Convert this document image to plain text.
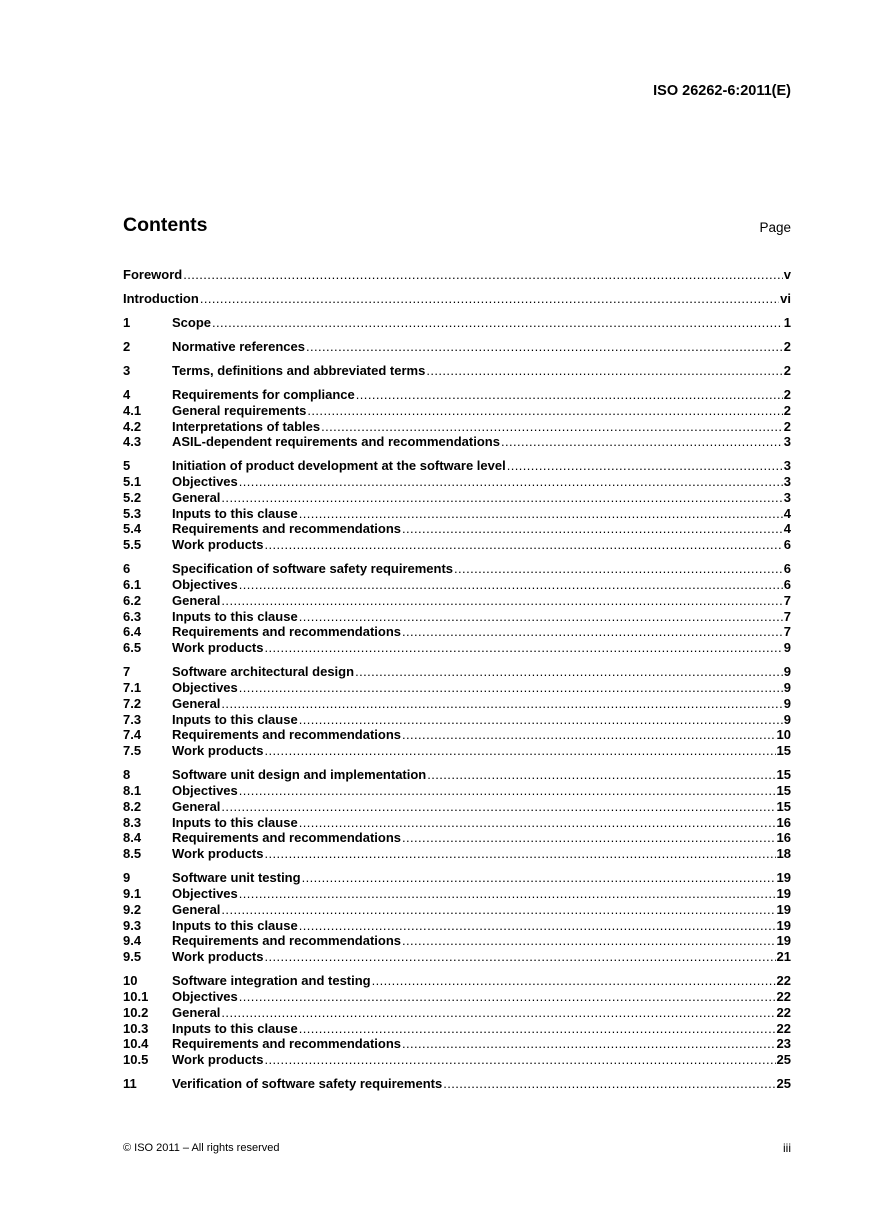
ISO 26262-6:2011(E)
Contents	Page
Foreword .....	v
Introduction .....	vi
1	Scope .....	1
2	Normative references .....	2
3	Terms, definitions and abbreviated terms .....	2
4	Requirements for compliance .....	2
4.1	General requirements .....	2
4.2	Interpretations of tables .....	2
4.3	ASIL-dependent requirements and recommendations .....	3
5	Initiation of product development at the software level .....	3
5.1	Objectives .....	3
5.2	General .....	3
5.3	Inputs to this clause .....	4
5.4	Requirements and recommendations .....	4
5.5	Work products .....	6
6	Specification of software safety requirements .....	6
6.1	Objectives .....	6
6.2	General .....	7
6.3	Inputs to this clause .....	7
6.4	Requirements and recommendations .....	7
6.5	Work products .....	9
7	Software architectural design .....	9
7.1	Objectives .....	9
7.2	General .....	9
7.3	Inputs to this clause .....	9
7.4	Requirements and recommendations .....	10
7.5	Work products .....	15
8	Software unit design and implementation .....	15
8.1	Objectives .....	15
8.2	General .....	15
8.3	Inputs to this clause .....	16
8.4	Requirements and recommendations .....	16
8.5	Work products .....	18
9	Software unit testing .....	19
9.1	Objectives .....	19
9.2	General .....	19
9.3	Inputs to this clause .....	19
9.4	Requirements and recommendations .....	19
9.5	Work products .....	21
10	Software integration and testing .....	22
10.1	Objectives .....	22
10.2	General .....	22
10.3	Inputs to this clause .....	22
10.4	Requirements and recommendations .....	23
10.5	Work products .....	25
11	Verification of software safety requirements .....	25
© ISO 2011 – All rights reserved	iii
